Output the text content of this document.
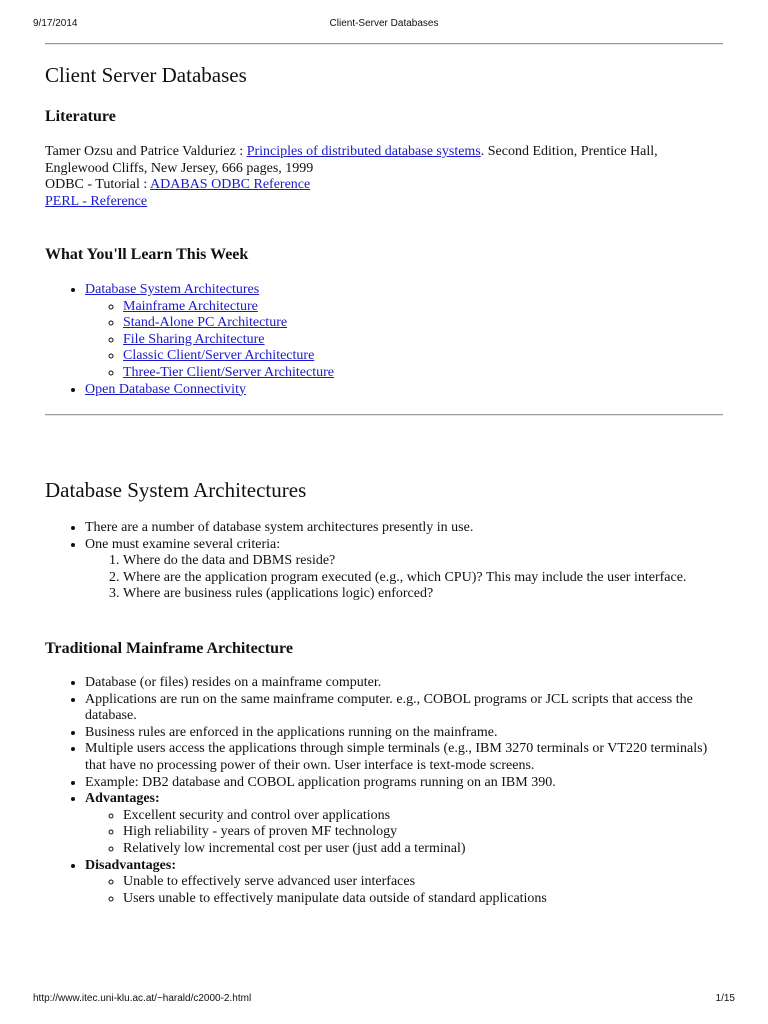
9/17/2014	Client-Server Databases
Client Server Databases
Literature
Tamer Ozsu and Patrice Valduriez : Principles of distributed database systems. Second Edition, Prentice Hall, Englewood Cliffs, New Jersey, 666 pages, 1999
ODBC - Tutorial : ADABAS ODBC Reference
PERL - Reference
What You'll Learn This Week
• Database System Architectures
◦ Mainframe Architecture
◦ Stand-Alone PC Architecture
◦ File Sharing Architecture
◦ Classic Client/Server Architecture
◦ Three-Tier Client/Server Architecture
• Open Database Connectivity
Database System Architectures
• There are a number of database system architectures presently in use.
• One must examine several criteria:
1. Where do the data and DBMS reside?
2. Where are the application program executed (e.g., which CPU)? This may include the user interface.
3. Where are business rules (applications logic) enforced?
Traditional Mainframe Architecture
• Database (or files) resides on a mainframe computer.
• Applications are run on the same mainframe computer. e.g., COBOL programs or JCL scripts that access the database.
• Business rules are enforced in the applications running on the mainframe.
• Multiple users access the applications through simple terminals (e.g., IBM 3270 terminals or VT220 terminals) that have no processing power of their own. User interface is text-mode screens.
• Example: DB2 database and COBOL application programs running on an IBM 390.
• Advantages:
◦ Excellent security and control over applications
◦ High reliability - years of proven MF technology
◦ Relatively low incremental cost per user (just add a terminal)
• Disadvantages:
◦ Unable to effectively serve advanced user interfaces
◦ Users unable to effectively manipulate data outside of standard applications
http://www.itec.uni-klu.ac.at/~harald/c2000-2.html	1/15
